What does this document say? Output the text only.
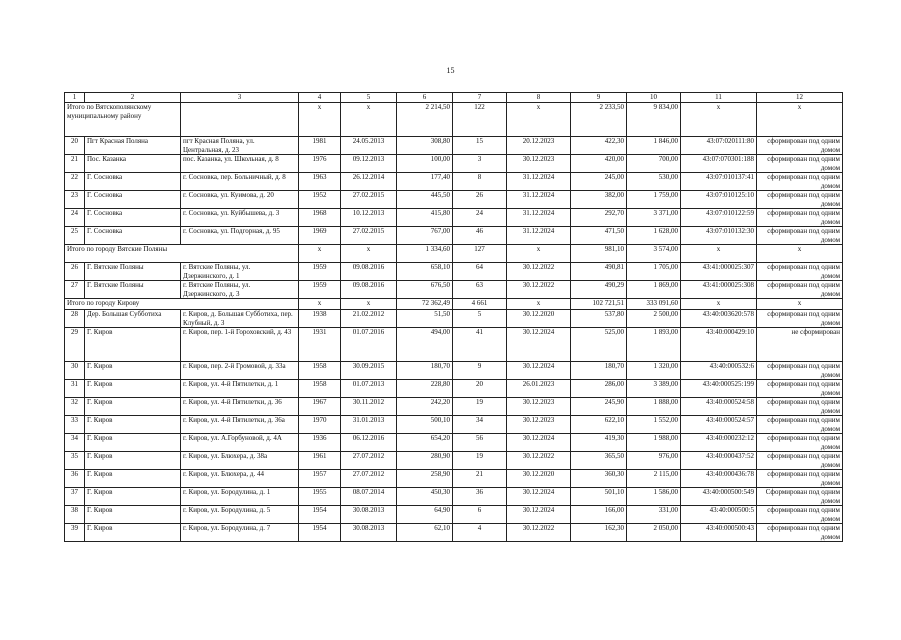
15
1	2	3	4	5	6	7	8	9	10	11	12
Итого по Вятскополянскому муниципальному району			x	x	2 214,50	122	x	2 233,50	9 834,00	x	x
20	Пгт Красная Поляна	пгт Красная Поляна, ул. Центральная, д. 23	1981	24.05.2013	308,80	15	20.12.2023	422,30	1 846,00	43:07:020111:80	сформирован под одним домом
21	Пос. Казанка	пос. Казанка, ул. Школьная, д. 8	1976	09.12.2013	100,00	3	30.12.2023	420,00	700,00	43:07:070301:188	сформирован под одним домом
22	Г. Сосновка	г. Сосновка, пер. Больничный, д. 8	1963	26.12.2014	177,40	8	31.12.2024	245,00	530,00	43:07:010137:41	сформирован под одним домом
23	Г. Сосновка	г. Сосновка, ул. Куимова, д. 20	1952	27.02.2015	445,50	26	31.12.2024	382,00	1 759,00	43:07:010125:10	сформирован под одним домом
24	Г. Сосновка	г. Сосновка, ул. Куйбышева, д. 3	1968	10.12.2013	415,80	24	31.12.2024	292,70	3 371,00	43:07:010122:59	сформирован под одним домом
25	Г. Сосновка	г. Сосновка, ул. Подгорная, д. 95	1969	27.02.2015	767,00	46	31.12.2024	471,50	1 628,00	43:07:010132:30	сформирован под одним домом
Итого по городу Вятские Поляны			x	x	1 334,60	127	x	981,10	3 574,00	x	x
26	Г. Вятские Поляны	г. Вятские Поляны, ул. Дзержинского, д. 1	1959	09.08.2016	658,10	64	30.12.2022	490,81	1 705,00	43:41:000025:307	сформирован под одним домом
27	Г. Вятские Поляны	г. Вятские Поляны, ул. Дзержинского, д. 3	1959	09.08.2016	676,50	63	30.12.2022	490,29	1 869,00	43:41:000025:308	сформирован под одним домом
Итого по городу Кирову			x	x	72 362,49	4 661	x	102 721,51	333 091,60	x	x
28	Дер. Большая Субботиха	г. Киров, д. Большая Субботиха, пер. Клубный, д. 3	1938	21.02.2012	51,50	5	30.12.2020	537,80	2 500,00	43:40:003620:578	сформирован под одним домом
29	Г. Киров	г. Киров, пер. 1-й Гороховский, д. 43	1931	01.07.2016	494,00	41	30.12.2024	525,00	1 893,00	43:40:000429:10	не сформирован
30	Г. Киров	г. Киров, пер. 2-й Громовой, д. 33а	1958	30.09.2015	180,70	9	30.12.2024	180,70	1 320,00	43:40:000532:6	сформирован под одним домом
31	Г. Киров	г. Киров, ул. 4-й Пятилетки, д. 1	1958	01.07.2013	228,80	20	26.01.2023	286,00	3 389,00	43:40:000525:199	сформирован под одним домом
32	Г. Киров	г. Киров, ул. 4-й Пятилетки, д. 36	1967	30.11.2012	242,20	19	30.12.2023	245,90	1 888,00	43:40:000524:58	сформирован под одним домом
33	Г. Киров	г. Киров, ул. 4-й Пятилетки, д. 36а	1970	31.01.2013	500,10	34	30.12.2023	622,10	1 552,00	43:40:000524:57	сформирован под одним домом
34	Г. Киров	г. Киров, ул. А.Горбуновой, д. 4А	1936	06.12.2016	654,20	56	30.12.2024	419,30	1 988,00	43:40:000232:12	сформирован под одним домом
35	Г. Киров	г. Киров, ул. Блюхера, д. 38а	1961	27.07.2012	280,90	19	30.12.2022	365,50	976,00	43:40:000437:52	сформирован под одним домом
36	Г. Киров	г. Киров, ул. Блюхера, д. 44	1957	27.07.2012	258,90	21	30.12.2020	360,30	2 115,00	43:40:000436:78	сформирован под одним домом
37	Г. Киров	г. Киров, ул. Бородулина, д. 1	1955	08.07.2014	450,30	36	30.12.2024	501,10	1 586,00	43:40:000500:549	Сформирован под одним домом
38	Г. Киров	г. Киров, ул. Бородулина, д. 5	1954	30.08.2013	64,90	6	30.12.2024	166,00	331,00	43:40:000500:5	сформирован под одним домом
39	Г. Киров	г. Киров, ул. Бородулина, д. 7	1954	30.08.2013	62,10	4	30.12.2022	162,30	2 050,00	43:40:000500:43	сформирован под одним домом
